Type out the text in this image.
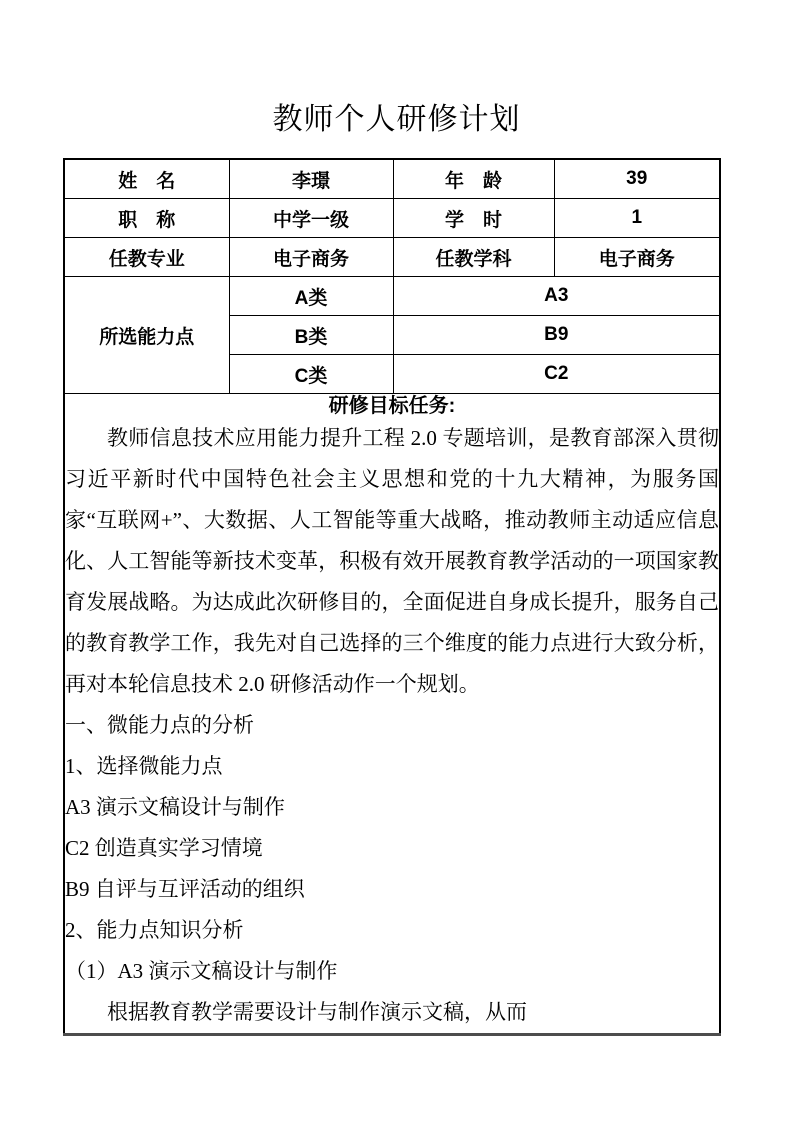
教师个人研修计划
姓　名	李璟	年　龄	39
职　称	中学一级	学　时	1
任教专业	电子商务	任教学科	电子商务
所选能力点	A类	A3	
	B类	B9	
	C类	C2	

研修目标任务:

教师信息技术应用能力提升工程 2.0 专题培训，是教育部深入贯彻习近平新时代中国特色社会主义思想和党的十九大精神，为服务国家“互联网+”、大数据、人工智能等重大战略，推动教师主动适应信息化、人工智能等新技术变革，积极有效开展教育教学活动的一项国家教育发展战略。为达成此次研修目的，全面促进自身成长提升，服务自己的教育教学工作，我先对自己选择的三个维度的能力点进行大致分析，再对本轮信息技术 2.0 研修活动作一个规划。

一、微能力点的分析
1、选择微能力点
A3 演示文稿设计与制作
C2 创造真实学习情境
B9 自评与互评活动的组织
2、能力点知识分析
（1）A3 演示文稿设计与制作
根据教育教学需要设计与制作演示文稿，从而
